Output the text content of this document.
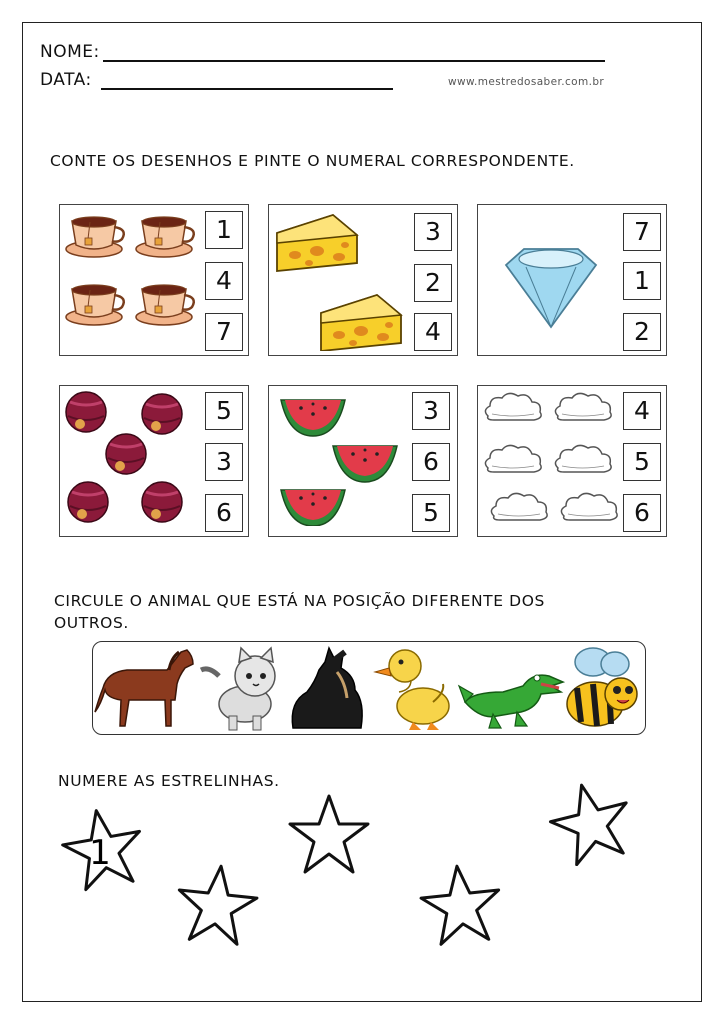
NOME:
DATA:	www.mestredosaber.com.br
CONTE OS DESENHOS E PINTE O NUMERAL CORRESPONDENTE.
1
4
7
3
2
4
7
1
2
5
3
6
3
6
5
4
5
6
CIRCULE O ANIMAL QUE ESTÁ NA POSIÇÃO DIFERENTE DOS
OUTROS.
NUMERE AS ESTRELINHAS.
1
